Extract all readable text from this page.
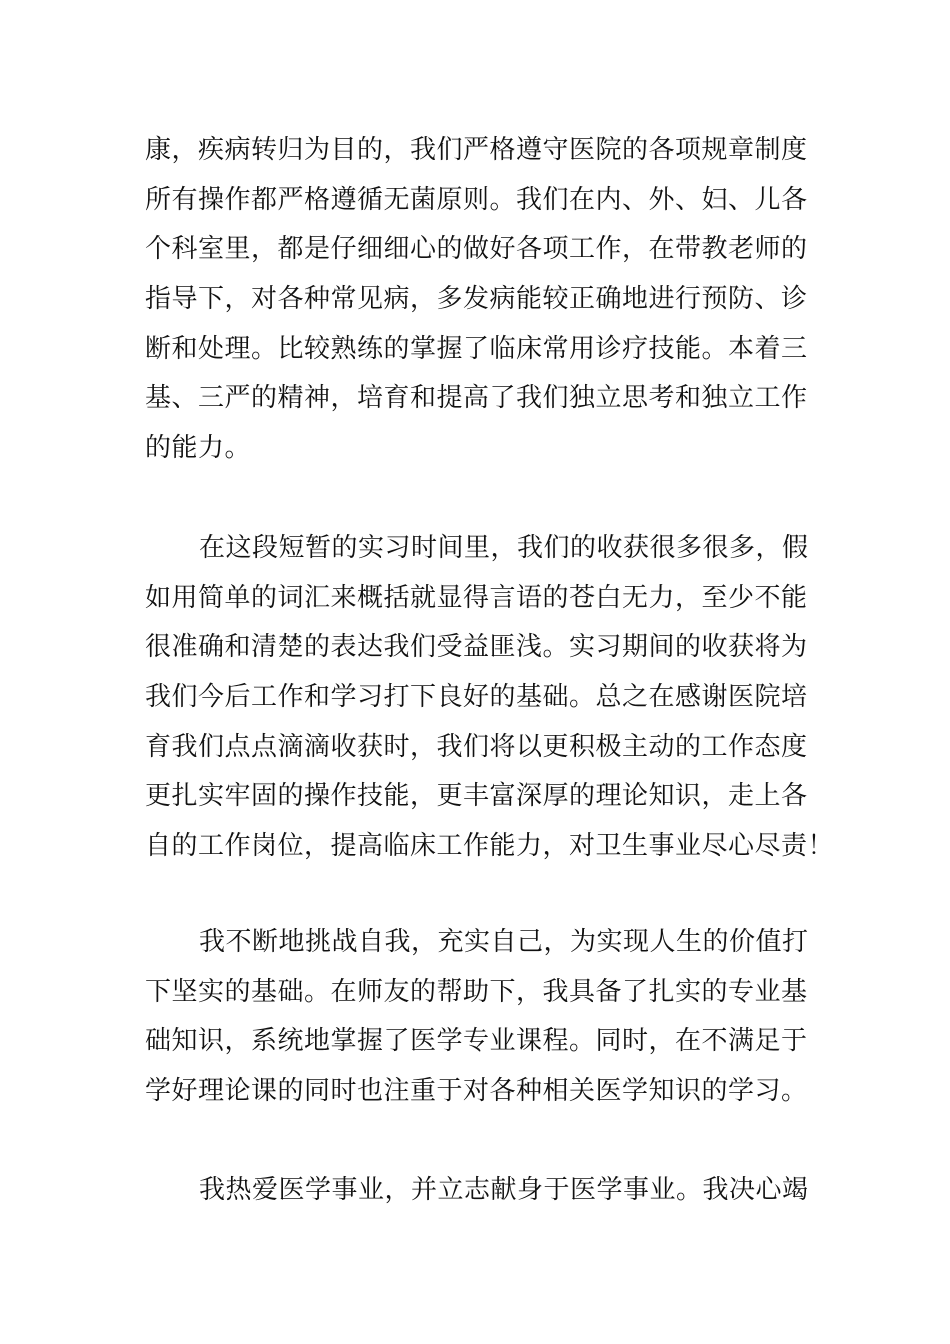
康，疾病转归为目的，我们严格遵守医院的各项规章制度
所有操作都严格遵循无菌原则。我们在内、外、妇、儿各
个科室里，都是仔细细心的做好各项工作，在带教老师的
指导下，对各种常见病，多发病能较正确地进行预防、诊
断和处理。比较熟练的掌握了临床常用诊疗技能。本着三
基、三严的精神，培育和提高了我们独立思考和独立工作
的能力。
在这段短暂的实习时间里，我们的收获很多很多，假
如用简单的词汇来概括就显得言语的苍白无力，至少不能
很准确和清楚的表达我们受益匪浅。实习期间的收获将为
我们今后工作和学习打下良好的基础。总之在感谢医院培
育我们点点滴滴收获时，我们将以更积极主动的工作态度
更扎实牢固的操作技能，更丰富深厚的理论知识，走上各
自的工作岗位，提高临床工作能力，对卫生事业尽心尽责！
我不断地挑战自我，充实自己，为实现人生的价值打
下坚实的基础。在师友的帮助下，我具备了扎实的专业基
础知识，系统地掌握了医学专业课程。同时，在不满足于
学好理论课的同时也注重于对各种相关医学知识的学习。
我热爱医学事业，并立志献身于医学事业。我决心竭
